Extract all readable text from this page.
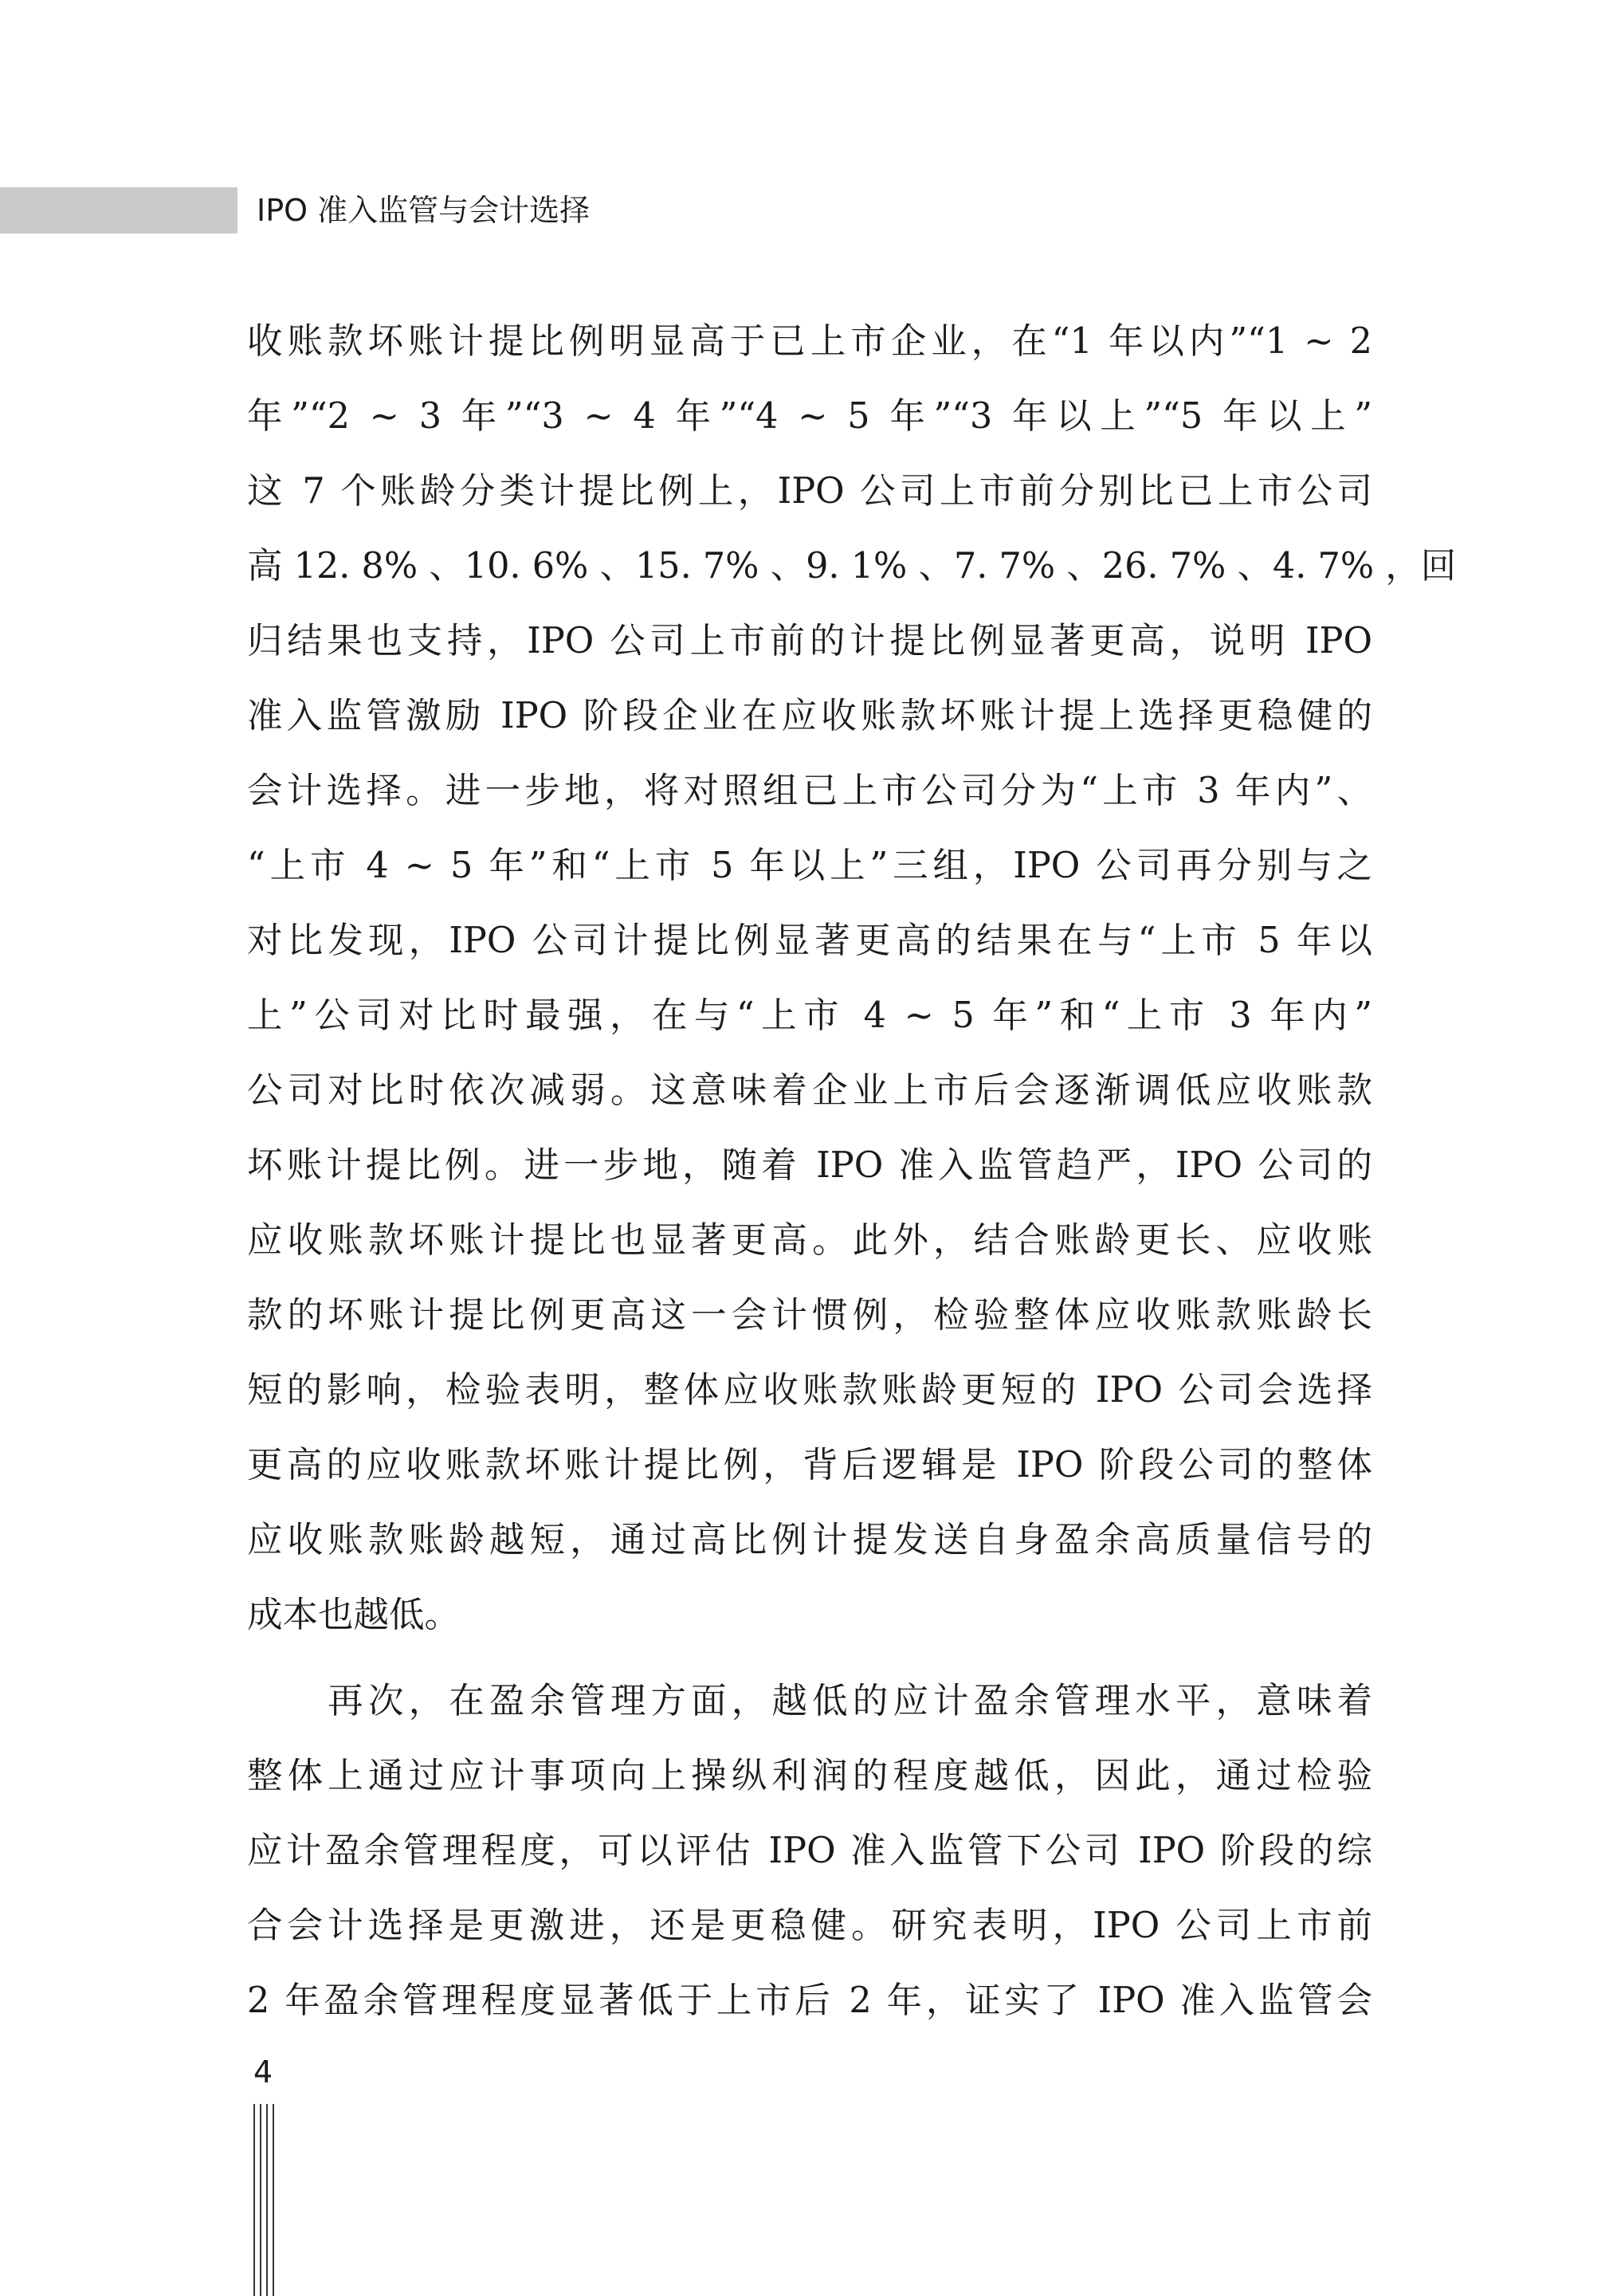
IPO 准入监管与会计选择
收账款坏账计提比例明显高于已上市企业，在“1 年以内”“1 ~ 2
年”“2 ~ 3 年”“3 ~ 4 年”“4 ~ 5 年”“3 年以上”“5 年以上”
这 7 个账龄分类计提比例上，IPO 公司上市前分别比已上市公司
高 12. 8% 、10. 6% 、15. 7% 、9. 1% 、7. 7% 、26. 7% 、4. 7% ，回
归结果也支持，IPO 公司上市前的计提比例显著更高，说明 IPO
准入监管激励 IPO 阶段企业在应收账款坏账计提上选择更稳健的
会计选择。进一步地，将对照组已上市公司分为“上市 3 年内”、
“上市 4 ~ 5 年”和“上市 5 年以上”三组，IPO 公司再分别与之
对比发现，IPO 公司计提比例显著更高的结果在与“上市 5 年以
上”公司对比时最强，在与“上市 4 ~ 5 年”和“上市 3 年内”
公司对比时依次减弱。这意味着企业上市后会逐渐调低应收账款
坏账计提比例。进一步地，随着 IPO 准入监管趋严，IPO 公司的
应收账款坏账计提比也显著更高。此外，结合账龄更长、应收账
款的坏账计提比例更高这一会计惯例，检验整体应收账款账龄长
短的影响，检验表明，整体应收账款账龄更短的 IPO 公司会选择
更高的应收账款坏账计提比例，背后逻辑是 IPO 阶段公司的整体
应收账款账龄越短，通过高比例计提发送自身盈余高质量信号的
成本也越低。
　　再次，在盈余管理方面，越低的应计盈余管理水平，意味着
整体上通过应计事项向上操纵利润的程度越低，因此，通过检验
应计盈余管理程度，可以评估 IPO 准入监管下公司 IPO 阶段的综
合会计选择是更激进，还是更稳健。研究表明，IPO 公司上市前
2 年盈余管理程度显著低于上市后 2 年，证实了 IPO 准入监管会
4
